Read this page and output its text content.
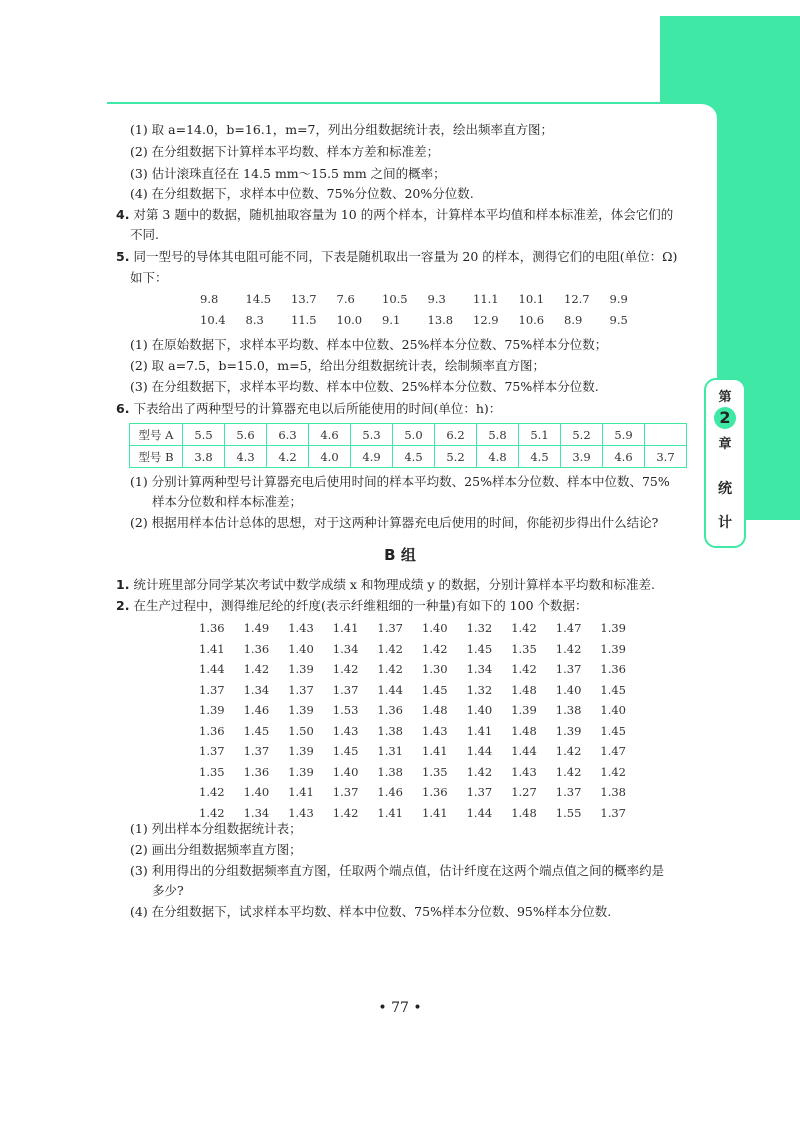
第
2
章
统
计
(1) 取 a=14.0，b=16.1，m=7，列出分组数据统计表，绘出频率直方图；
(2) 在分组数据下计算样本平均数、样本方差和标准差；
(3) 估计滚珠直径在 14.5 mm～15.5 mm 之间的概率；
(4) 在分组数据下，求样本中位数、75%分位数、20%分位数.
4. 对第 3 题中的数据，随机抽取容量为 10 的两个样本，计算样本平均值和样本标准差，体会它们的
不同.
5. 同一型号的导体其电阻可能不同，下表是随机取出一容量为 20 的样本，测得它们的电阻(单位：Ω)
如下：
9.8 14.5 13.7 7.6 10.5 9.3 11.1 10.1 12.7 9.9
10.4 8.3 11.5 10.0 9.1 13.8 12.9 10.6 8.9 9.5
(1) 在原始数据下，求样本平均数、样本中位数、25%样本分位数、75%样本分位数；
(2) 取 a=7.5，b=15.0，m=5，给出分组数据统计表，绘制频率直方图；
(3) 在分组数据下，求样本平均数、样本中位数、25%样本分位数、75%样本分位数.
6. 下表给出了两种型号的计算器充电以后所能使用的时间(单位：h)：
型号 A	5.5	5.6	6.3	4.6	5.3	5.0	6.2	5.8	5.1	5.2	5.9	
型号 B	3.8	4.3	4.2	4.0	4.9	4.5	5.2	4.8	4.5	3.9	4.6	3.7
(1) 分别计算两种型号计算器充电后使用时间的样本平均数、25%样本分位数、样本中位数、75%
样本分位数和样本标准差；
(2) 根据用样本估计总体的思想，对于这两种计算器充电后使用的时间，你能初步得出什么结论?
B 组
1. 统计班里部分同学某次考试中数学成绩 x 和物理成绩 y 的数据，分别计算样本平均数和标准差.
2. 在生产过程中，测得维尼纶的纤度(表示纤维粗细的一种量)有如下的 100 个数据：
1.36 1.49 1.43 1.41 1.37 1.40 1.32 1.42 1.47 1.39
1.41 1.36 1.40 1.34 1.42 1.42 1.45 1.35 1.42 1.39
1.44 1.42 1.39 1.42 1.42 1.30 1.34 1.42 1.37 1.36
1.37 1.34 1.37 1.37 1.44 1.45 1.32 1.48 1.40 1.45
1.39 1.46 1.39 1.53 1.36 1.48 1.40 1.39 1.38 1.40
1.36 1.45 1.50 1.43 1.38 1.43 1.41 1.48 1.39 1.45
1.37 1.37 1.39 1.45 1.31 1.41 1.44 1.44 1.42 1.47
1.35 1.36 1.39 1.40 1.38 1.35 1.42 1.43 1.42 1.42
1.42 1.40 1.41 1.37 1.46 1.36 1.37 1.27 1.37 1.38
1.42 1.34 1.43 1.42 1.41 1.41 1.44 1.48 1.55 1.37
(1) 列出样本分组数据统计表；
(2) 画出分组数据频率直方图；
(3) 利用得出的分组数据频率直方图，任取两个端点值，估计纤度在这两个端点值之间的概率约是
多少?
(4) 在分组数据下，试求样本平均数、样本中位数、75%样本分位数、95%样本分位数.
• 77 •
